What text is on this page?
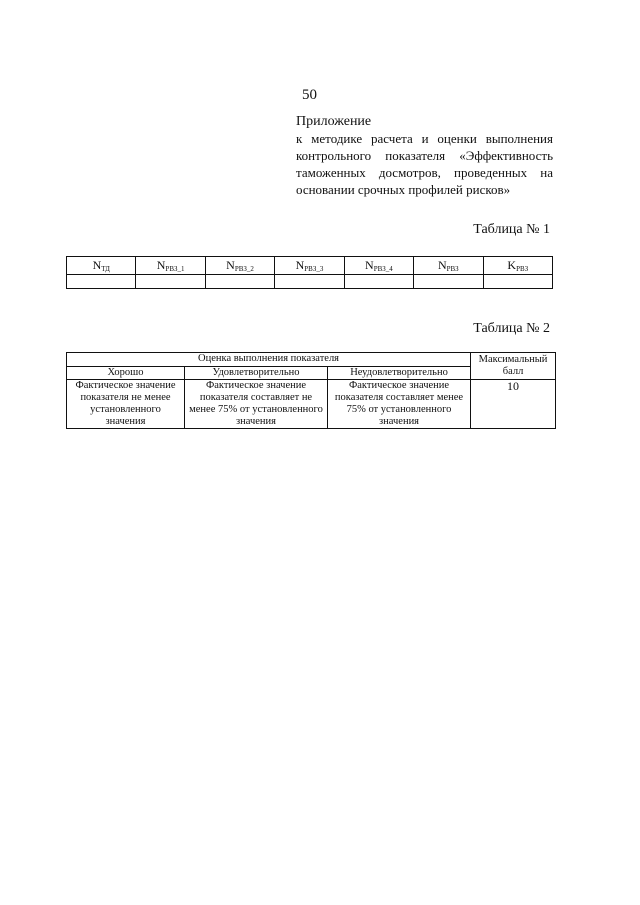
50
Приложение
к методике расчета и оценки выполнения контрольного показателя «Эффективность таможенных досмотров, проведенных на основании срочных профилей рисков»
Таблица № 1
$N_{ТД}$	$N_{РВЗ\_1}$	$N_{РВЗ\_2}$	$N_{РВЗ\_3}$	$N_{РВЗ\_4}$	$N_{РВЗ}$	$K_{РВЗ}$

Таблица № 2
Оценка выполнения показателя			Максимальный балл
Хорошо	Удовлетворительно	Неудовлетворительно	
Фактическое значение показателя не менее установленного значения	Фактическое значение показателя составляет не менее 75% от установленного значения	Фактическое значение показателя составляет менее 75% от установленного значения	10
